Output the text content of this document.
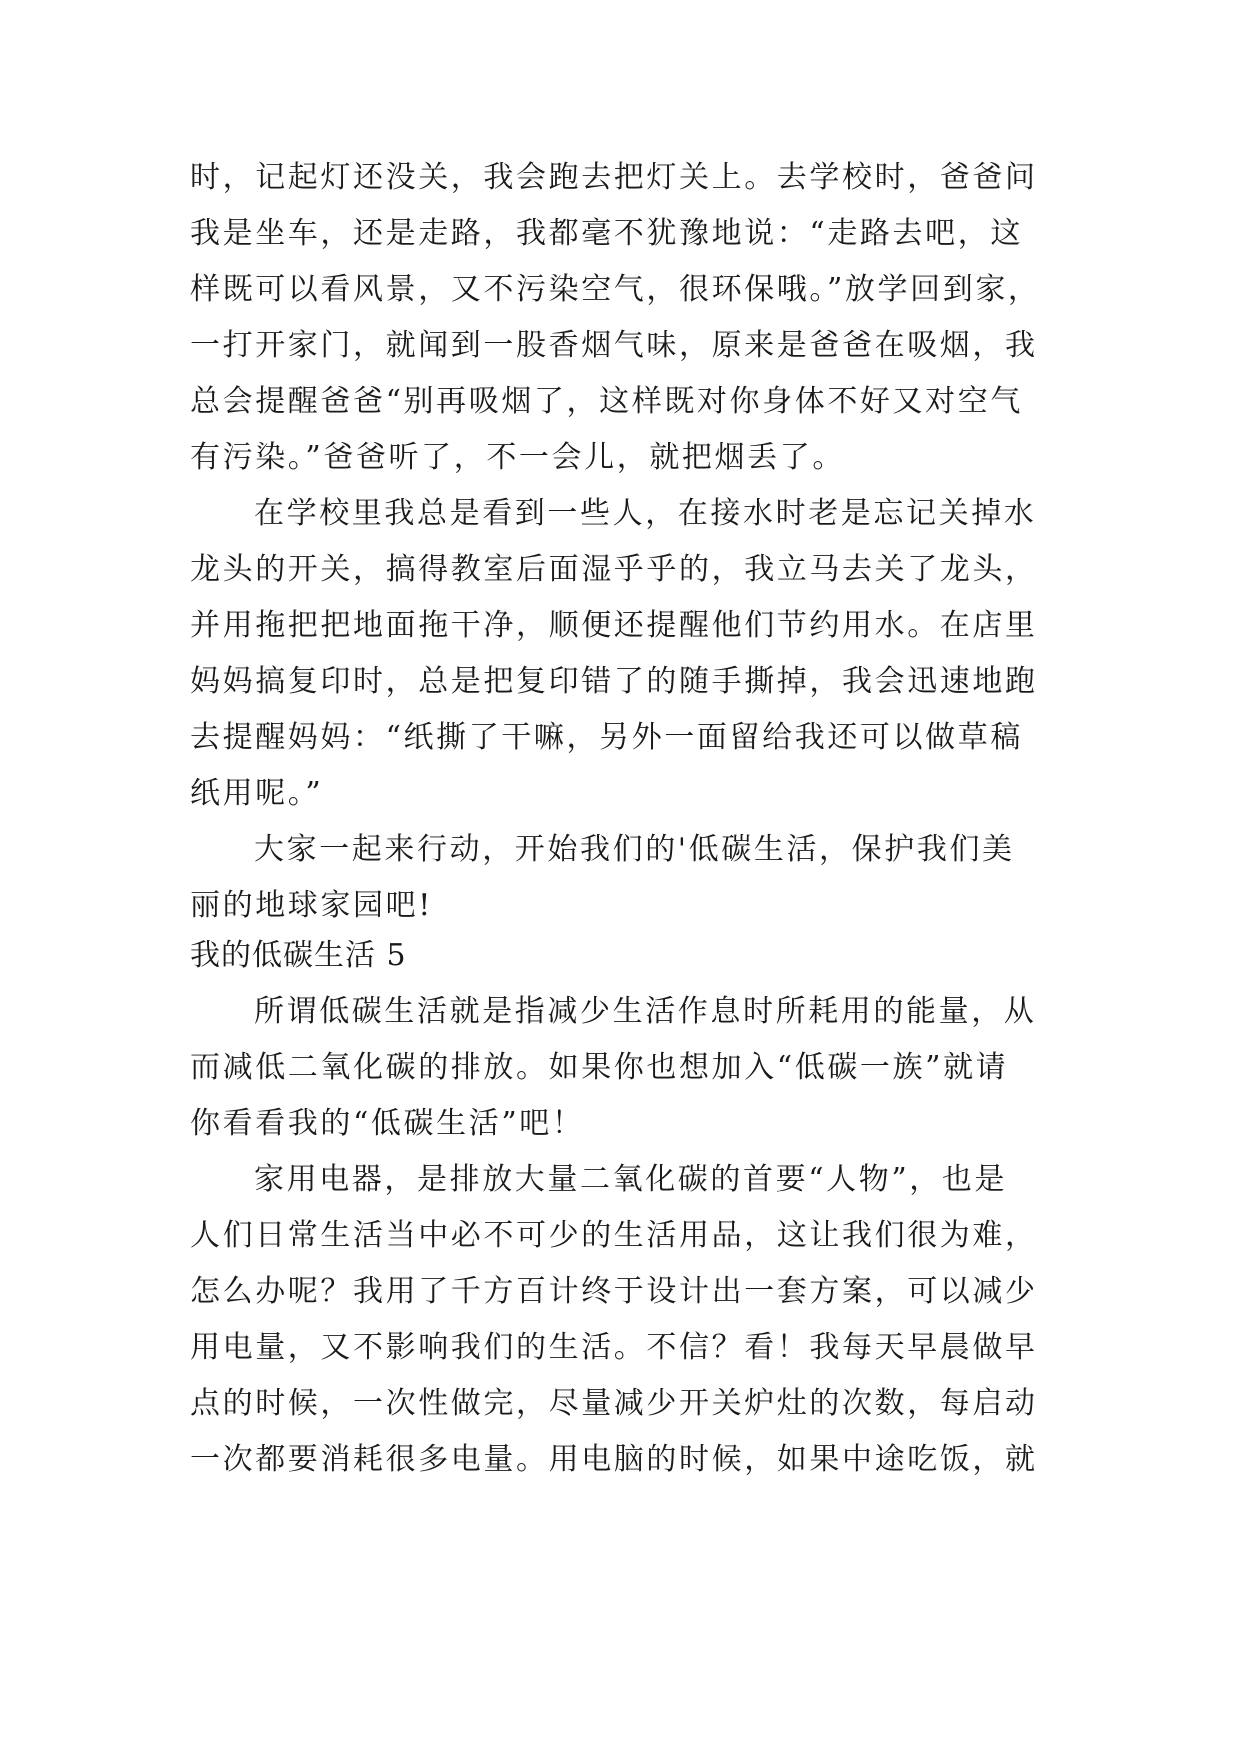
时，记起灯还没关，我会跑去把灯关上。去学校时，爸爸问
我是坐车，还是走路，我都毫不犹豫地说：“走路去吧，这
样既可以看风景，又不污染空气，很环保哦。”放学回到家，
一打开家门，就闻到一股香烟气味，原来是爸爸在吸烟，我
总会提醒爸爸“别再吸烟了，这样既对你身体不好又对空气
有污染。”爸爸听了，不一会儿，就把烟丢了。
在学校里我总是看到一些人，在接水时老是忘记关掉水
龙头的开关，搞得教室后面湿乎乎的，我立马去关了龙头，
并用拖把把地面拖干净，顺便还提醒他们节约用水。在店里
妈妈搞复印时，总是把复印错了的随手撕掉，我会迅速地跑
去提醒妈妈：“纸撕了干嘛，另外一面留给我还可以做草稿
纸用呢。”
大家一起来行动，开始我们的'低碳生活，保护我们美
丽的地球家园吧!
我的低碳生活 5
所谓低碳生活就是指减少生活作息时所耗用的能量，从
而减低二氧化碳的排放。如果你也想加入“低碳一族”就请
你看看我的“低碳生活”吧！
家用电器，是排放大量二氧化碳的首要“人物”，也是
人们日常生活当中必不可少的生活用品，这让我们很为难，
怎么办呢？我用了千方百计终于设计出一套方案，可以减少
用电量，又不影响我们的生活。不信？看！我每天早晨做早
点的时候，一次性做完，尽量减少开关炉灶的次数，每启动
一次都要消耗很多电量。用电脑的时候，如果中途吃饭，就
